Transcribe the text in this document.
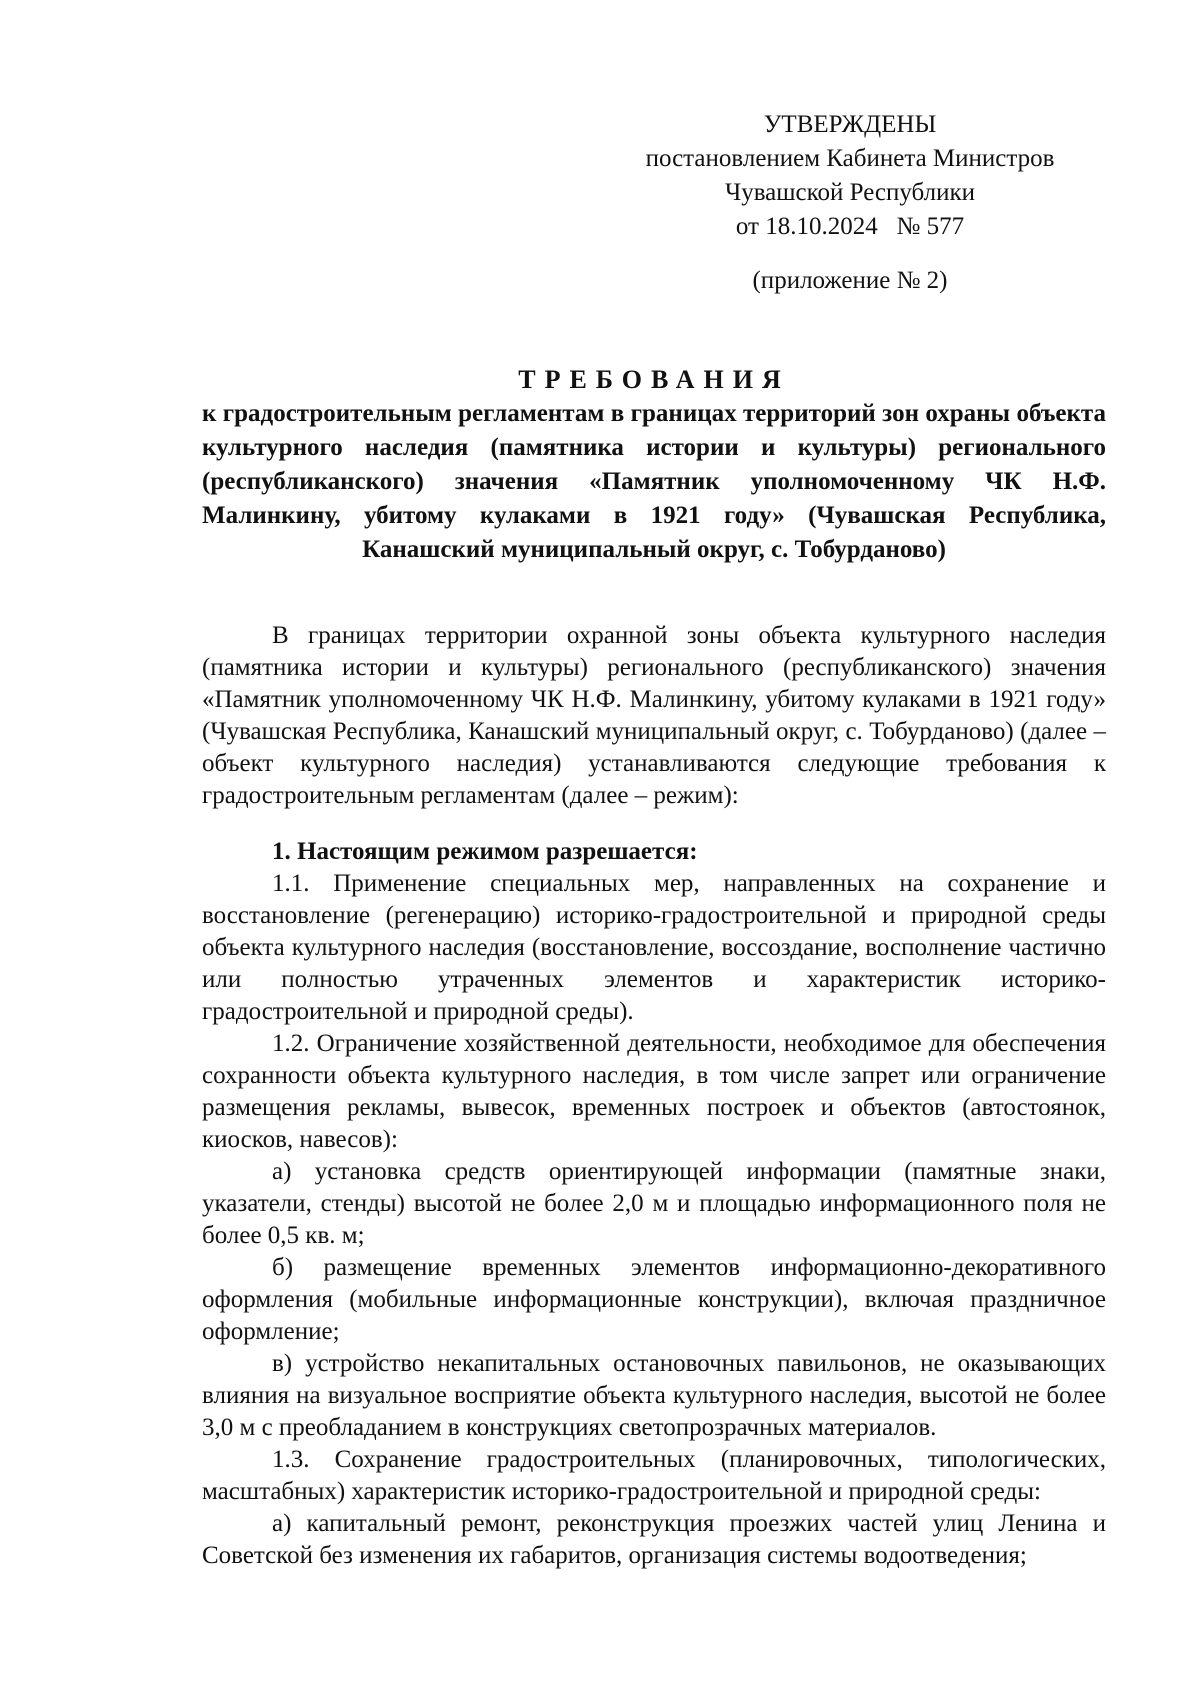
УТВЕРЖДЕНЫ
постановлением Кабинета Министров
Чувашской Республики
от 18.10.2024   № 577
(приложение № 2)
ТРЕБОВАНИЯ
к градостроительным регламентам в границах территорий зон охраны объекта культурного наследия (памятника истории и культуры) регионального (республиканского) значения «Памятник уполномоченному ЧК Н.Ф. Малинкину, убитому кулаками в 1921 году» (Чувашская Республика, Канашский муниципальный округ, с. Тобурданово)

В границах территории охранной зоны объекта культурного наследия (памятника истории и культуры) регионального (республиканского) значения «Памятник уполномоченному ЧК Н.Ф. Малинкину, убитому кулаками в 1921 году» (Чувашская Республика, Канашский муниципальный округ, с. Тобурданово) (далее – объект культурного наследия) устанавливаются следующие требования к градостроительным регламентам (далее – режим):

1. Настоящим режимом разрешается:

1.1. Применение специальных мер, направленных на сохранение и восстановление (регенерацию) историко-градостроительной и природной среды объекта культурного наследия (восстановление, воссоздание, восполнение частично или полностью утраченных элементов и характеристик историко-градостроительной и природной среды).

1.2. Ограничение хозяйственной деятельности, необходимое для обеспечения сохранности объекта культурного наследия, в том числе запрет или ограничение размещения рекламы, вывесок, временных построек и объектов (автостоянок, киосков, навесов):

а) установка средств ориентирующей информации (памятные знаки, указатели, стенды) высотой не более 2,0 м и площадью информационного поля не более 0,5 кв. м;

б) размещение временных элементов информационно-декоративного оформления (мобильные информационные конструкции), включая праздничное оформление;

в) устройство некапитальных остановочных павильонов, не оказывающих влияния на визуальное восприятие объекта культурного наследия, высотой не более 3,0 м с преобладанием в конструкциях светопрозрачных материалов.

1.3. Сохранение градостроительных (планировочных, типологических, масштабных) характеристик историко-градостроительной и природной среды:

а) капитальный ремонт, реконструкция проезжих частей улиц Ленина и Советской без изменения их габаритов, организация системы водоотведения;
